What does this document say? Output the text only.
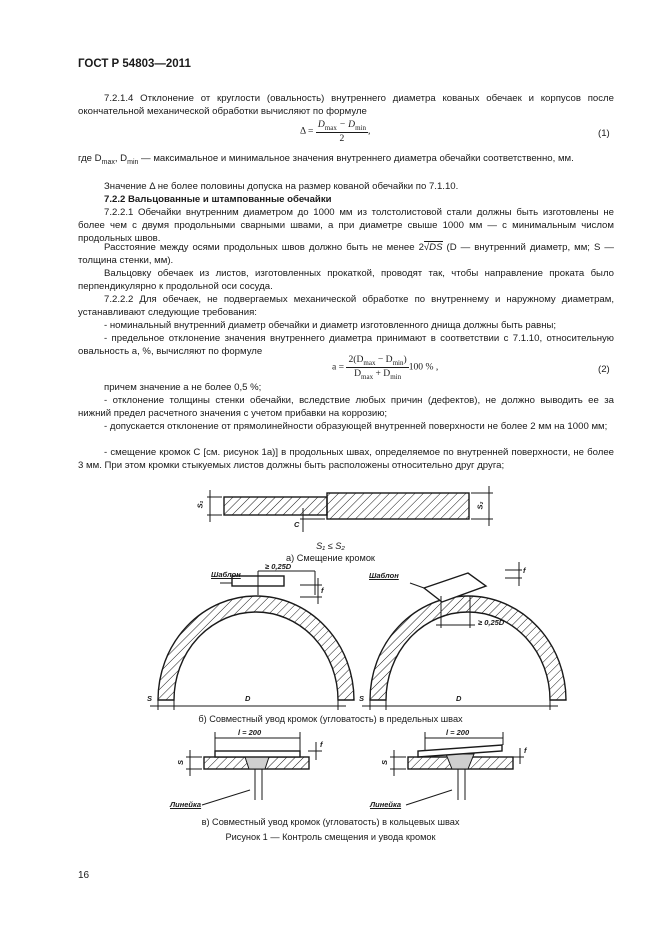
ГОСТ Р 54803—2011
7.2.1.4 Отклонение от круглости (овальность) внутреннего диаметра кованых обечаек и корпусов после окончательной механической обработки вычисляют по формуле
$\Delta = \frac{D_{max} - D_{min}}{2}$ ,	(1)
где $D_{max}$, $D_{min}$ — максимальное и минимальное значения внутреннего диаметра обечайки соответственно, мм.
Значение Δ не более половины допуска на размер кованой обечайки по 7.1.10.
7.2.2 Вальцованные и штампованные обечайки
7.2.2.1 Обечайки внутренним диаметром до 1000 мм из толстолистовой стали должны быть изготовлены не более чем с двумя продольными сварными швами, а при диаметре свыше 1000 мм — с минимальным числом продольных швов.
Расстояние между осями продольных швов должно быть не менее 2√DS (D — внутренний диаметр, мм; S — толщина стенки, мм).
Вальцовку обечаек из листов, изготовленных прокаткой, проводят так, чтобы направление проката было перпендикулярно к продольной оси сосуда.
7.2.2.2 Для обечаек, не подвергаемых механической обработке по внутреннему и наружному диаметрам, устанавливают следующие требования:
- номинальный внутренний диаметр обечайки и диаметр изготовленного днища должны быть равны;
- предельное отклонение значения внутреннего диаметра принимают в соответствии с 7.1.10, относительную овальность a, %, вычисляют по формуле
$a = \frac{2(D_{max} - D_{min})}{D_{max} + D_{min}} 100$ % ,	(2)
причем значение a не более 0,5 %;
- отклонение толщины стенки обечайки, вследствие любых причин (дефектов), не должно выводить ее за нижний предел расчетного значения с учетом прибавки на коррозию;
- допускается отклонение от прямолинейности образующей внутренней поверхности не более 2 мм на 1000 мм;
- смещение кромок C [см. рисунок 1а)] в продольных швах, определяемое по внутренней поверхности, не более 3 мм. При этом кромки стыкуемых листов должны быть расположены относительно друг друга;
S₁	S₂
C
Шаблон
≥ 0,25D
f
D
S
Шаблон
≥ 0,25D
f
D
S
l = 200
S
f
Линейка
l = 200
S
f
Линейка
S₁ ≤ S₂
а) Смещение кромок
б) Совместный увод кромок (угловатость) в предельных швах
в) Совместный увод кромок (угловатость) в кольцевых швах
Рисунок 1 — Контроль смещения и увода кромок
16
